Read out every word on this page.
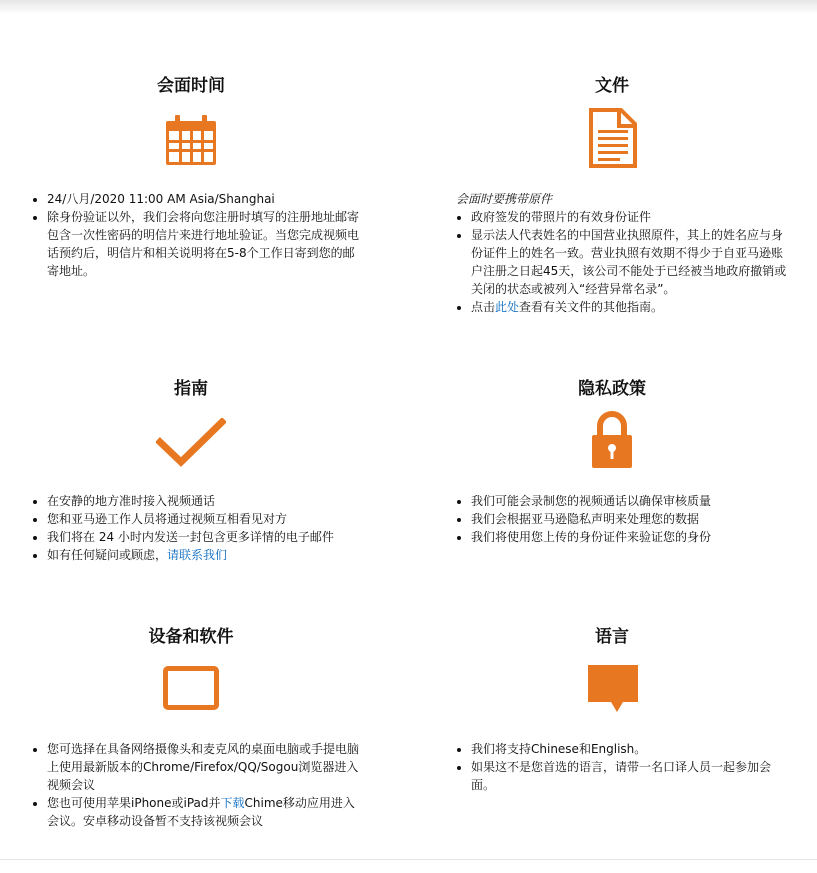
会面时间
• 24/八月/2020 11:00 AM Asia/Shanghai
• 除身份验证以外，我们会将向您注册时填写的注册地址邮寄包含一次性密码的明信片来进行地址验证。当您完成视频电话预约后，明信片和相关说明将在5-8个工作日寄到您的邮寄地址。
文件
会面时要携带原件
• 政府签发的带照片的有效身份证件
• 显示法人代表姓名的中国营业执照原件，其上的姓名应与身份证件上的姓名一致。营业执照有效期不得少于自亚马逊账户注册之日起45天，该公司不能处于已经被当地政府撤销或关闭的状态或被列入“经营异常名录”。
• 点击此处查看有关文件的其他指南。
指南
• 在安静的地方准时接入视频通话
• 您和亚马逊工作人员将通过视频互相看见对方
• 我们将在 24 小时内发送一封包含更多详情的电子邮件
• 如有任何疑问或顾虑，请联系我们
隐私政策
• 我们可能会录制您的视频通话以确保审核质量
• 我们会根据亚马逊隐私声明来处理您的数据
• 我们将使用您上传的身份证件来验证您的身份
设备和软件
• 您可选择在具备网络摄像头和麦克风的桌面电脑或手提电脑上使用最新版本的Chrome/Firefox/QQ/Sogou浏览器进入视频会议
• 您也可使用苹果iPhone或iPad并下载Chime移动应用进入会议。安卓移动设备暂不支持该视频会议
语言
• 我们将支持Chinese和English。
• 如果这不是您首选的语言，请带一名口译人员一起参加会面。
